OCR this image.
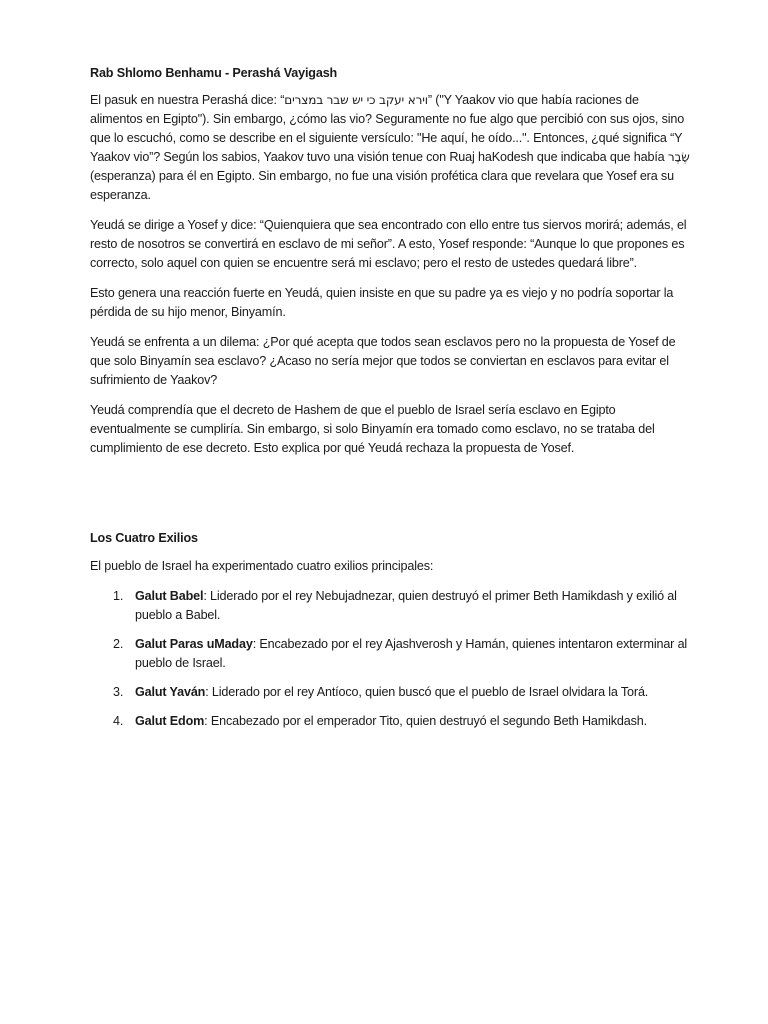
Rab Shlomo Benhamu - Perashá Vayigash

El pasuk en nuestra Perashá dice: “וירא יעקב כי יש שבר במצרים” ("Y Yaakov vio que había raciones de alimentos en Egipto"). Sin embargo, ¿cómo las vio? Seguramente no fue algo que percibió con sus ojos, sino que lo escuchó, como se describe en el siguiente versículo: "He aquí, he oído...". Entonces, ¿qué significa “Y Yaakov vio”? Según los sabios, Yaakov tuvo una visión tenue con Ruaj haKodesh que indicaba que había שֶׂבֶר (esperanza) para él en Egipto. Sin embargo, no fue una visión profética clara que revelara que Yosef era su esperanza.

Yeudá se dirige a Yosef y dice: “Quienquiera que sea encontrado con ello entre tus siervos morirá; además, el resto de nosotros se convertirá en esclavo de mi señor”. A esto, Yosef responde: “Aunque lo que propones es correcto, solo aquel con quien se encuentre será mi esclavo; pero el resto de ustedes quedará libre”.

Esto genera una reacción fuerte en Yeudá, quien insiste en que su padre ya es viejo y no podría soportar la pérdida de su hijo menor, Binyamín.

Yeudá se enfrenta a un dilema: ¿Por qué acepta que todos sean esclavos pero no la propuesta de Yosef de que solo Binyamín sea esclavo? ¿Acaso no sería mejor que todos se conviertan en esclavos para evitar el sufrimiento de Yaakov?

Yeudá comprendía que el decreto de Hashem de que el pueblo de Israel sería esclavo en Egipto eventualmente se cumpliría. Sin embargo, si solo Binyamín era tomado como esclavo, no se trataba del cumplimiento de ese decreto. Esto explica por qué Yeudá rechaza la propuesta de Yosef.

Los Cuatro Exilios

El pueblo de Israel ha experimentado cuatro exilios principales:

1. Galut Babel: Liderado por el rey Nebujadnezar, quien destruyó el primer Beth Hamikdash y exilió al pueblo a Babel.
2. Galut Paras uMaday: Encabezado por el rey Ajashverosh y Hamán, quienes intentaron exterminar al pueblo de Israel.
3. Galut Yaván: Liderado por el rey Antíoco, quien buscó que el pueblo de Israel olvidara la Torá.
4. Galut Edom: Encabezado por el emperador Tito, quien destruyó el segundo Beth Hamikdash.
